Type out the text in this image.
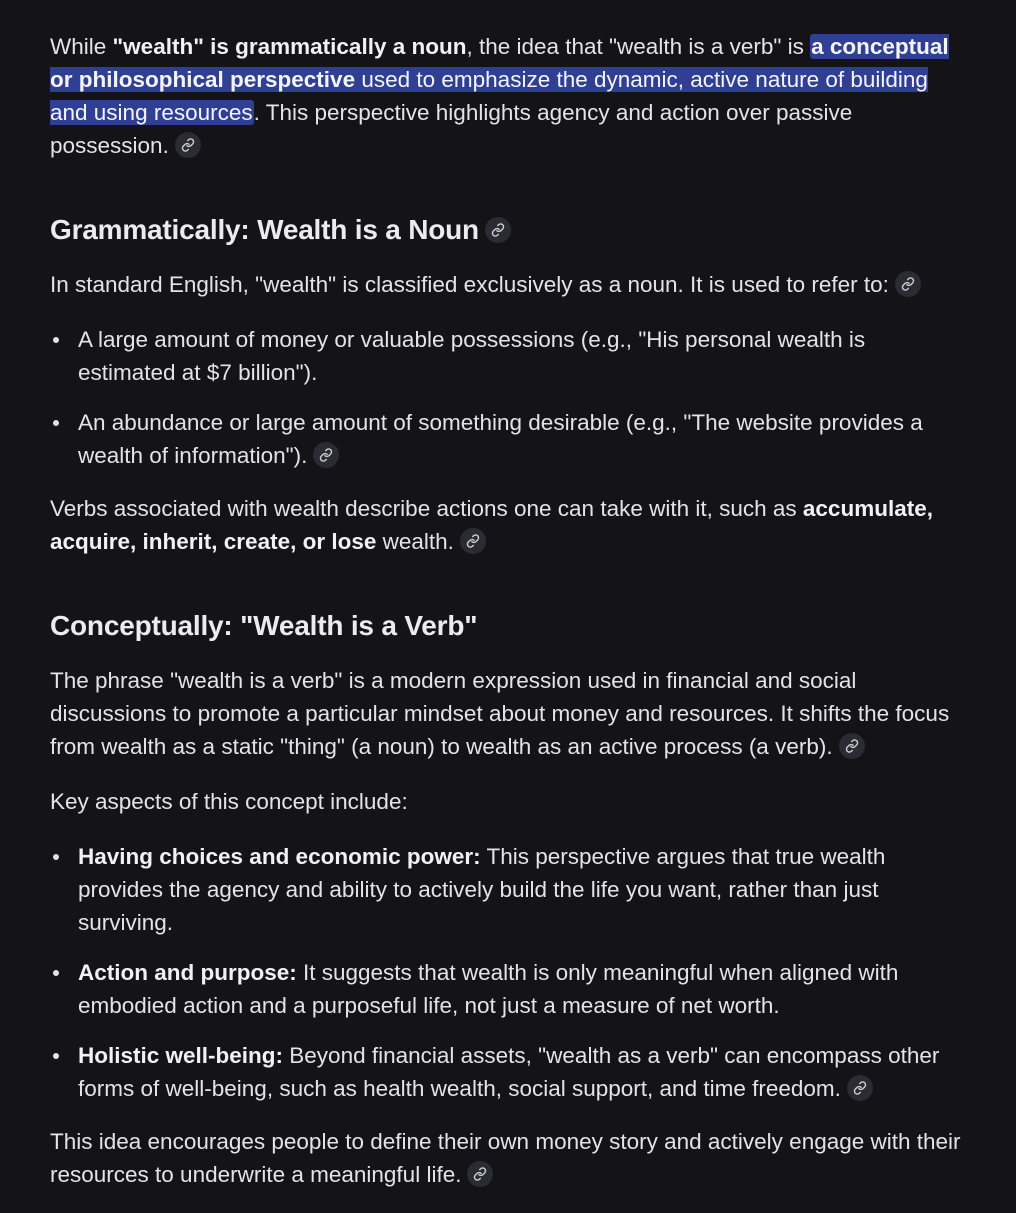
While "wealth" is grammatically a noun, the idea that "wealth is a verb" is a conceptual or philosophical perspective used to emphasize the dynamic, active nature of building and using resources. This perspective highlights agency and action over passive possession.

Grammatically: Wealth is a Noun

In standard English, "wealth" is classified exclusively as a noun. It is used to refer to:

A large amount of money or valuable possessions (e.g., "His personal wealth is estimated at $7 billion").
An abundance or large amount of something desirable (e.g., "The website provides a wealth of information").

Verbs associated with wealth describe actions one can take with it, such as accumulate, acquire, inherit, create, or lose wealth.

Conceptually: "Wealth is a Verb"

The phrase "wealth is a verb" is a modern expression used in financial and social discussions to promote a particular mindset about money and resources. It shifts the focus from wealth as a static "thing" (a noun) to wealth as an active process (a verb).

Key aspects of this concept include:

Having choices and economic power: This perspective argues that true wealth provides the agency and ability to actively build the life you want, rather than just surviving.
Action and purpose: It suggests that wealth is only meaningful when aligned with embodied action and a purposeful life, not just a measure of net worth.
Holistic well-being: Beyond financial assets, "wealth as a verb" can encompass other forms of well-being, such as health wealth, social support, and time freedom.

This idea encourages people to define their own money story and actively engage with their resources to underwrite a meaningful life.
